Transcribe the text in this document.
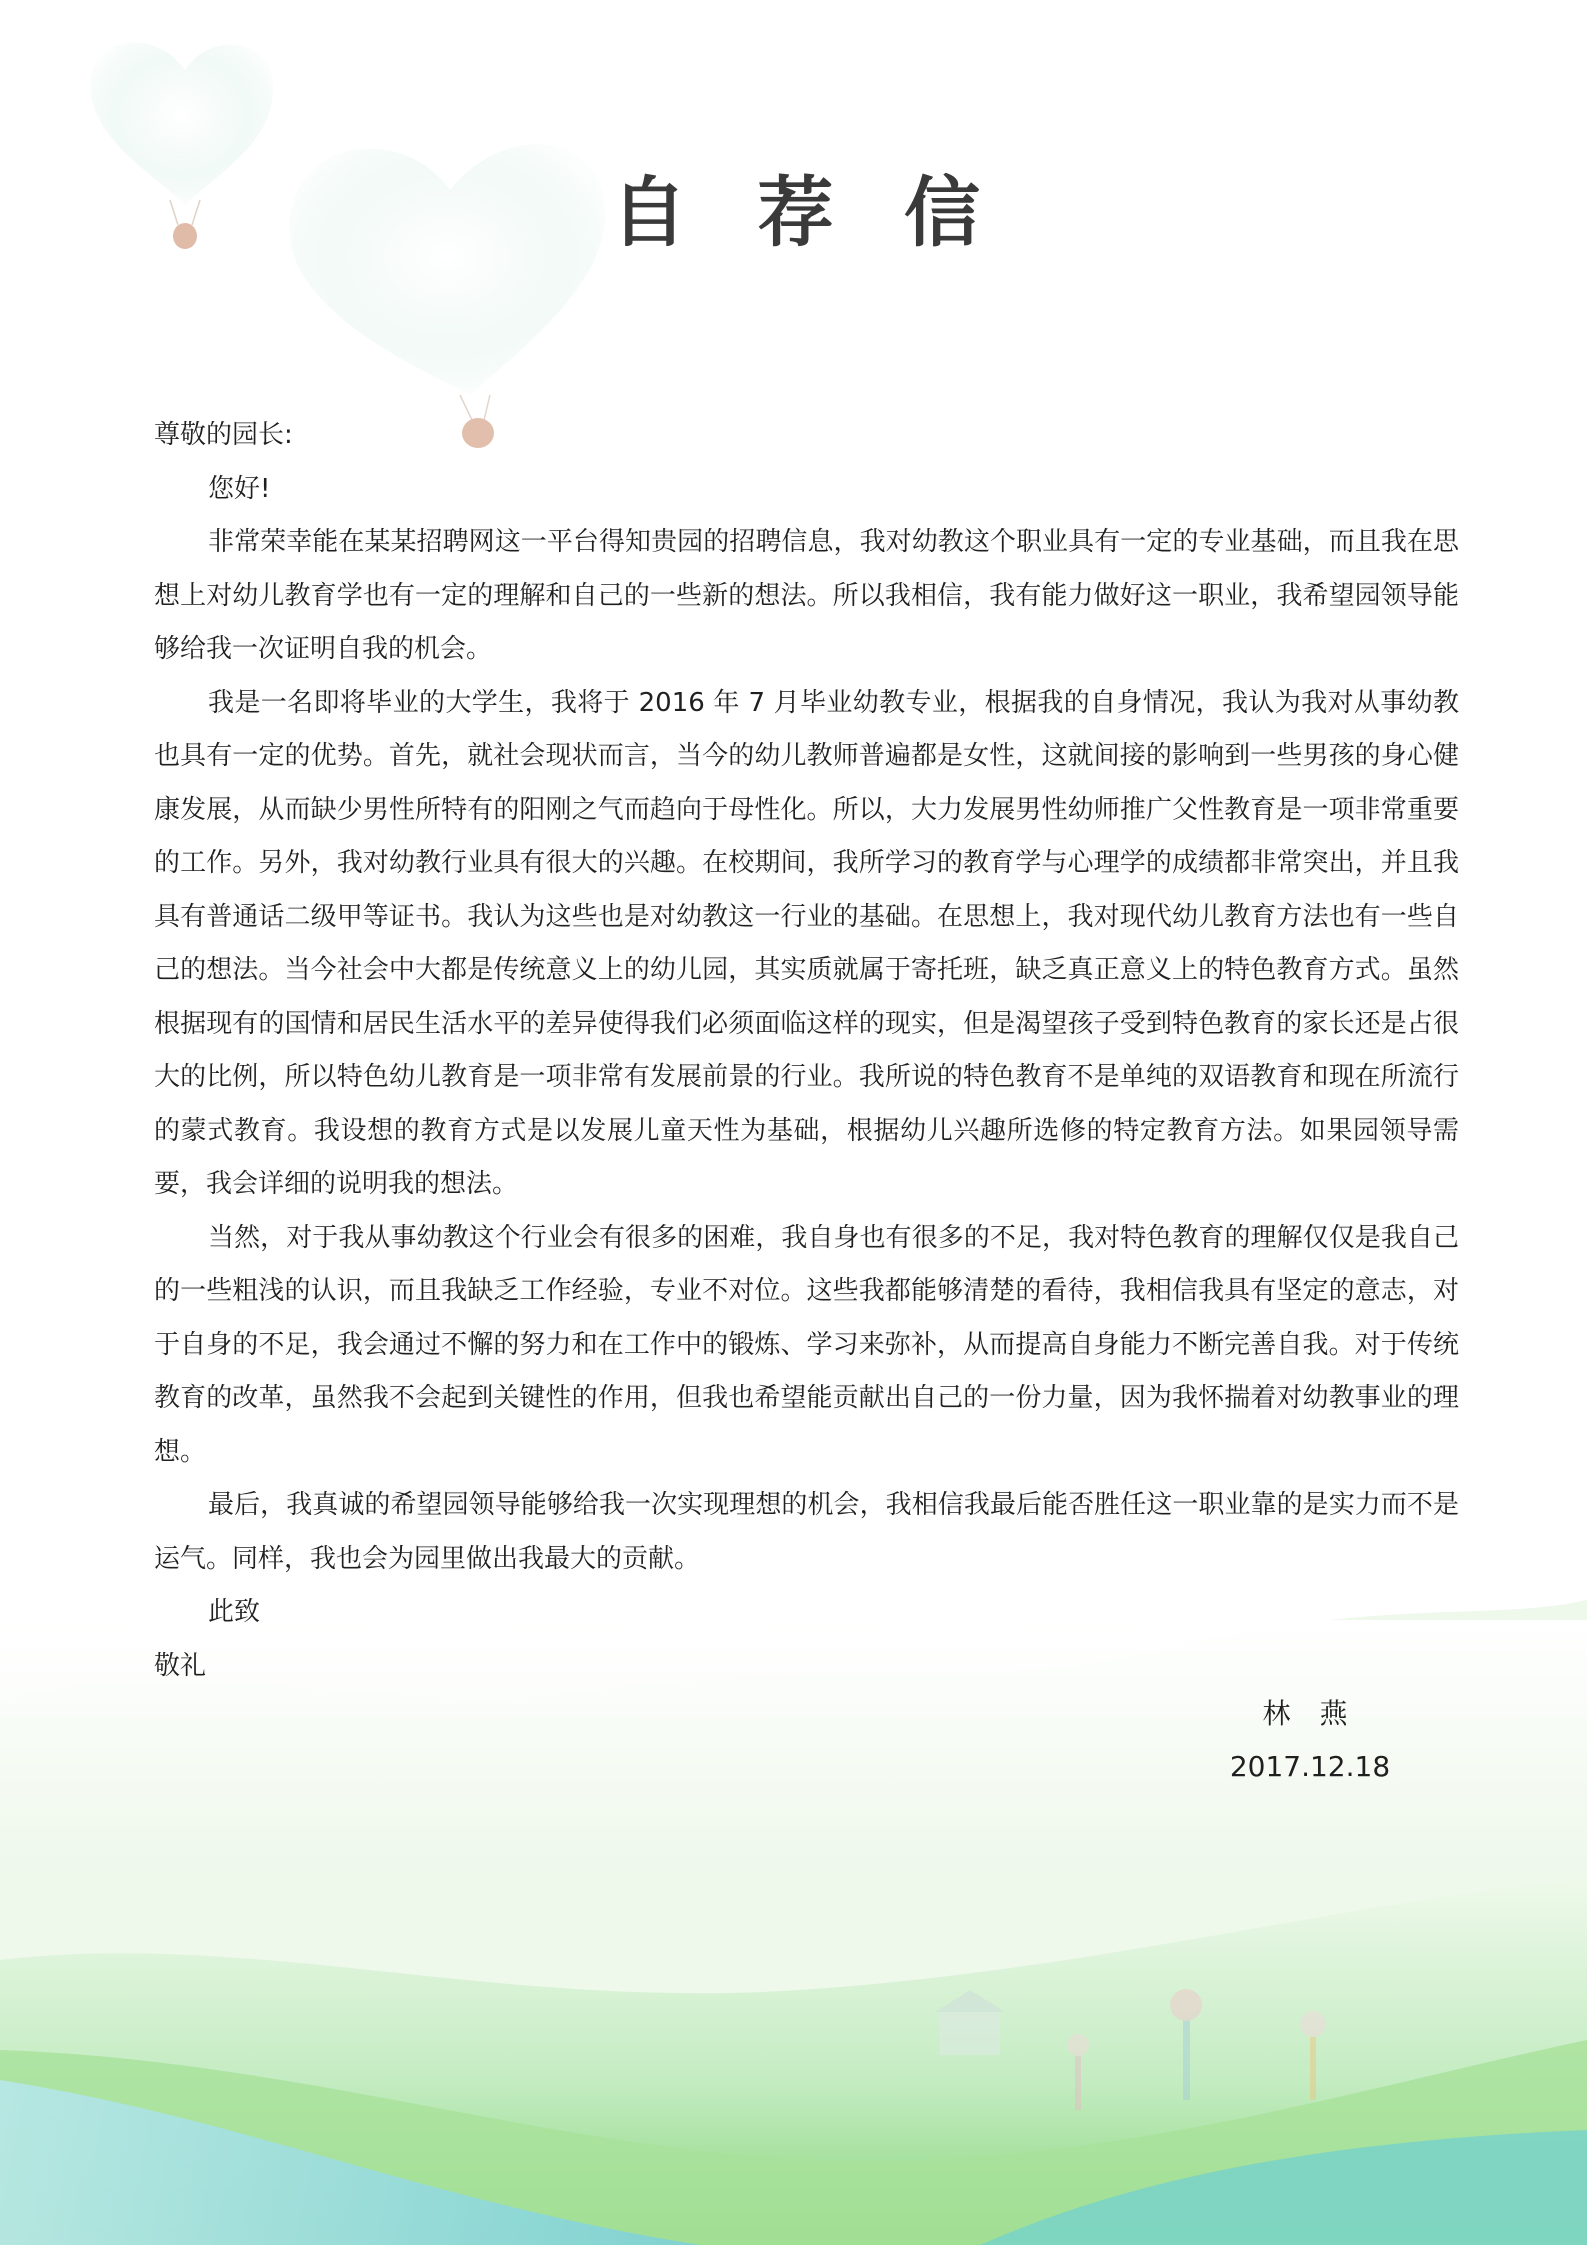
自 荐 信

尊敬的园长:

您好!

非常荣幸能在某某招聘网这一平台得知贵园的招聘信息，我对幼教这个职业具有一定的专业基础，而且我在思想上对幼儿教育学也有一定的理解和自己的一些新的想法。所以我相信，我有能力做好这一职业，我希望园领导能够给我一次证明自我的机会。

我是一名即将毕业的大学生，我将于 2016 年 7 月毕业幼教专业，根据我的自身情况，我认为我对从事幼教也具有一定的优势。首先，就社会现状而言，当今的幼儿教师普遍都是女性，这就间接的影响到一些男孩的身心健康发展，从而缺少男性所特有的阳刚之气而趋向于母性化。所以，大力发展男性幼师推广父性教育是一项非常重要的工作。另外，我对幼教行业具有很大的兴趣。在校期间，我所学习的教育学与心理学的成绩都非常突出，并且我具有普通话二级甲等证书。我认为这些也是对幼教这一行业的基础。在思想上，我对现代幼儿教育方法也有一些自己的想法。当今社会中大都是传统意义上的幼儿园，其实质就属于寄托班，缺乏真正意义上的特色教育方式。虽然根据现有的国情和居民生活水平的差异使得我们必须面临这样的现实，但是渴望孩子受到特色教育的家长还是占很大的比例，所以特色幼儿教育是一项非常有发展前景的行业。我所说的特色教育不是单纯的双语教育和现在所流行的蒙式教育。我设想的教育方式是以发展儿童天性为基础，根据幼儿兴趣所选修的特定教育方法。如果园领导需要，我会详细的说明我的想法。

当然，对于我从事幼教这个行业会有很多的困难，我自身也有很多的不足，我对特色教育的理解仅仅是我自己的一些粗浅的认识，而且我缺乏工作经验，专业不对位。这些我都能够清楚的看待，我相信我具有坚定的意志，对于自身的不足，我会通过不懈的努力和在工作中的锻炼、学习来弥补，从而提高自身能力不断完善自我。对于传统教育的改革，虽然我不会起到关键性的作用，但我也希望能贡献出自己的一份力量，因为我怀揣着对幼教事业的理想。

最后，我真诚的希望园领导能够给我一次实现理想的机会，我相信我最后能否胜任这一职业靠的是实力而不是运气。同样，我也会为园里做出我最大的贡献。

此致

敬礼

林 燕
2017.12.18
